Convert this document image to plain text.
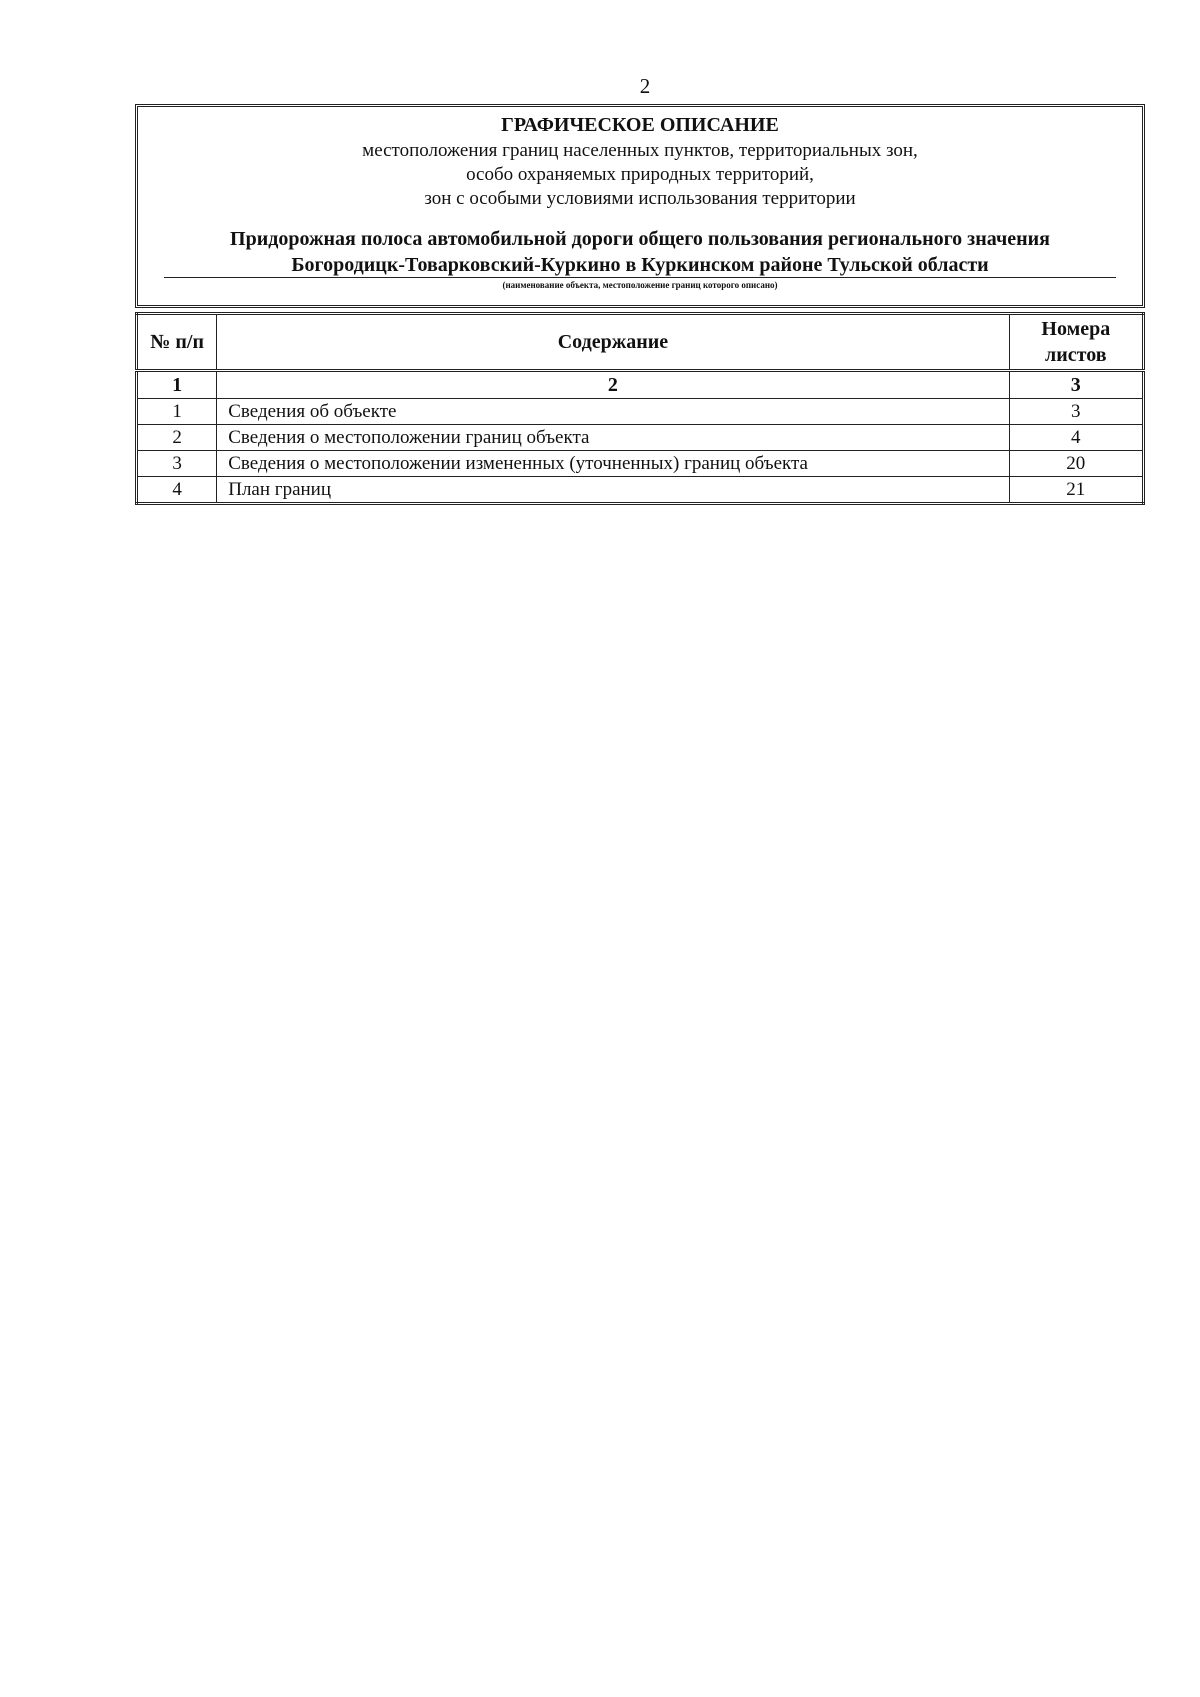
2
ГРАФИЧЕСКОЕ ОПИСАНИЕ
местоположения границ населенных пунктов, территориальных зон,
особо охраняемых природных территорий,
зон с особыми условиями использования территории
Придорожная полоса автомобильной дороги общего пользования регионального значения
Богородицк-Товарковский-Куркино в Куркинском районе Тульской области
(наименование объекта, местоположение границ которого описано)
№ п/п	Содержание	Номера листов
1	2	3
1	Сведения об объекте	3
2	Сведения о местоположении границ объекта	4
3	Сведения о местоположении измененных (уточненных) границ объекта	20
4	План границ	21
